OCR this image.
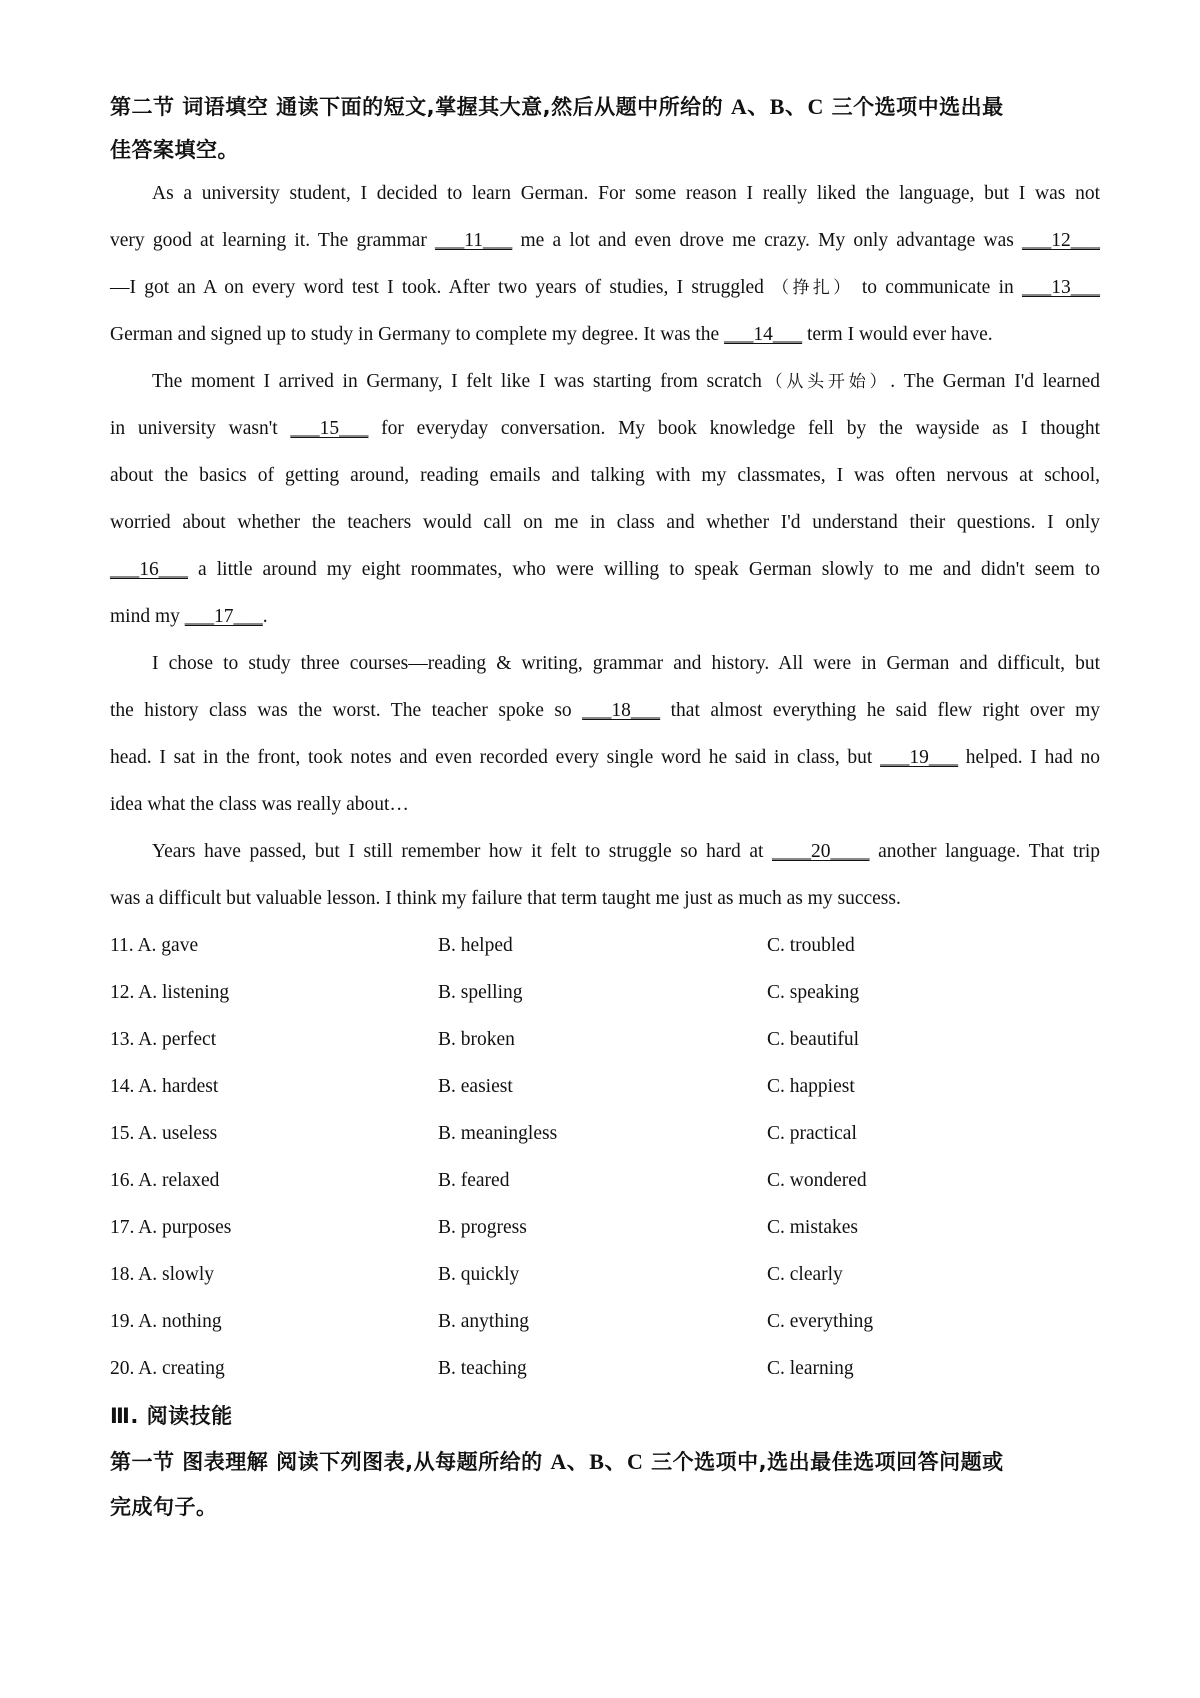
第二节 词语填空 通读下面的短文,掌握其大意,然后从题中所给的 A、B、C 三个选项中选出最
佳答案填空。
As a university student, I decided to learn German. For some reason I really liked the language, but I was not
very good at learning it. The grammar ___11___ me a lot and even drove me crazy. My only advantage was ___12___
—I got an A on every word test I took. After two years of studies, I struggled （挣扎） to communicate in ___13___
German and signed up to study in Germany to complete my degree. It was the ___14___ term I would ever have.
The moment I arrived in Germany, I felt like I was starting from scratch（从头开始）. The German I'd learned
in university wasn't ___15___ for everyday conversation. My book knowledge fell by the wayside as I thought
about the basics of getting around, reading emails and talking with my classmates, I was often nervous at school,
worried about whether the teachers would call on me in class and whether I'd understand their questions. I only
___16___ a little around my eight roommates, who were willing to speak German slowly to me and didn't seem to
mind my ___17___.
I chose to study three courses—reading & writing, grammar and history. All were in German and difficult, but
the history class was the worst. The teacher spoke so ___18___ that almost everything he said flew right over my
head. I sat in the front, took notes and even recorded every single word he said in class, but ___19___ helped. I had no
idea what the class was really about…
Years have passed, but I still remember how it felt to struggle so hard at ____20____ another language. That trip
was a difficult but valuable lesson. I think my failure that term taught me just as much as my success.
11. A. gave	B. helped	C. troubled
12. A. listening	B. spelling	C. speaking
13. A. perfect	B. broken	C. beautiful
14. A. hardest	B. easiest	C. happiest
15. A. useless	B. meaningless	C. practical
16. A. relaxed	B. feared	C. wondered
17. A. purposes	B. progress	C. mistakes
18. A. slowly	B. quickly	C. clearly
19. A. nothing	B. anything	C. everything
20. A. creating	B. teaching	C. learning
Ⅲ. 阅读技能
第一节 图表理解 阅读下列图表,从每题所给的 A、B、C 三个选项中,选出最佳选项回答问题或
完成句子。
